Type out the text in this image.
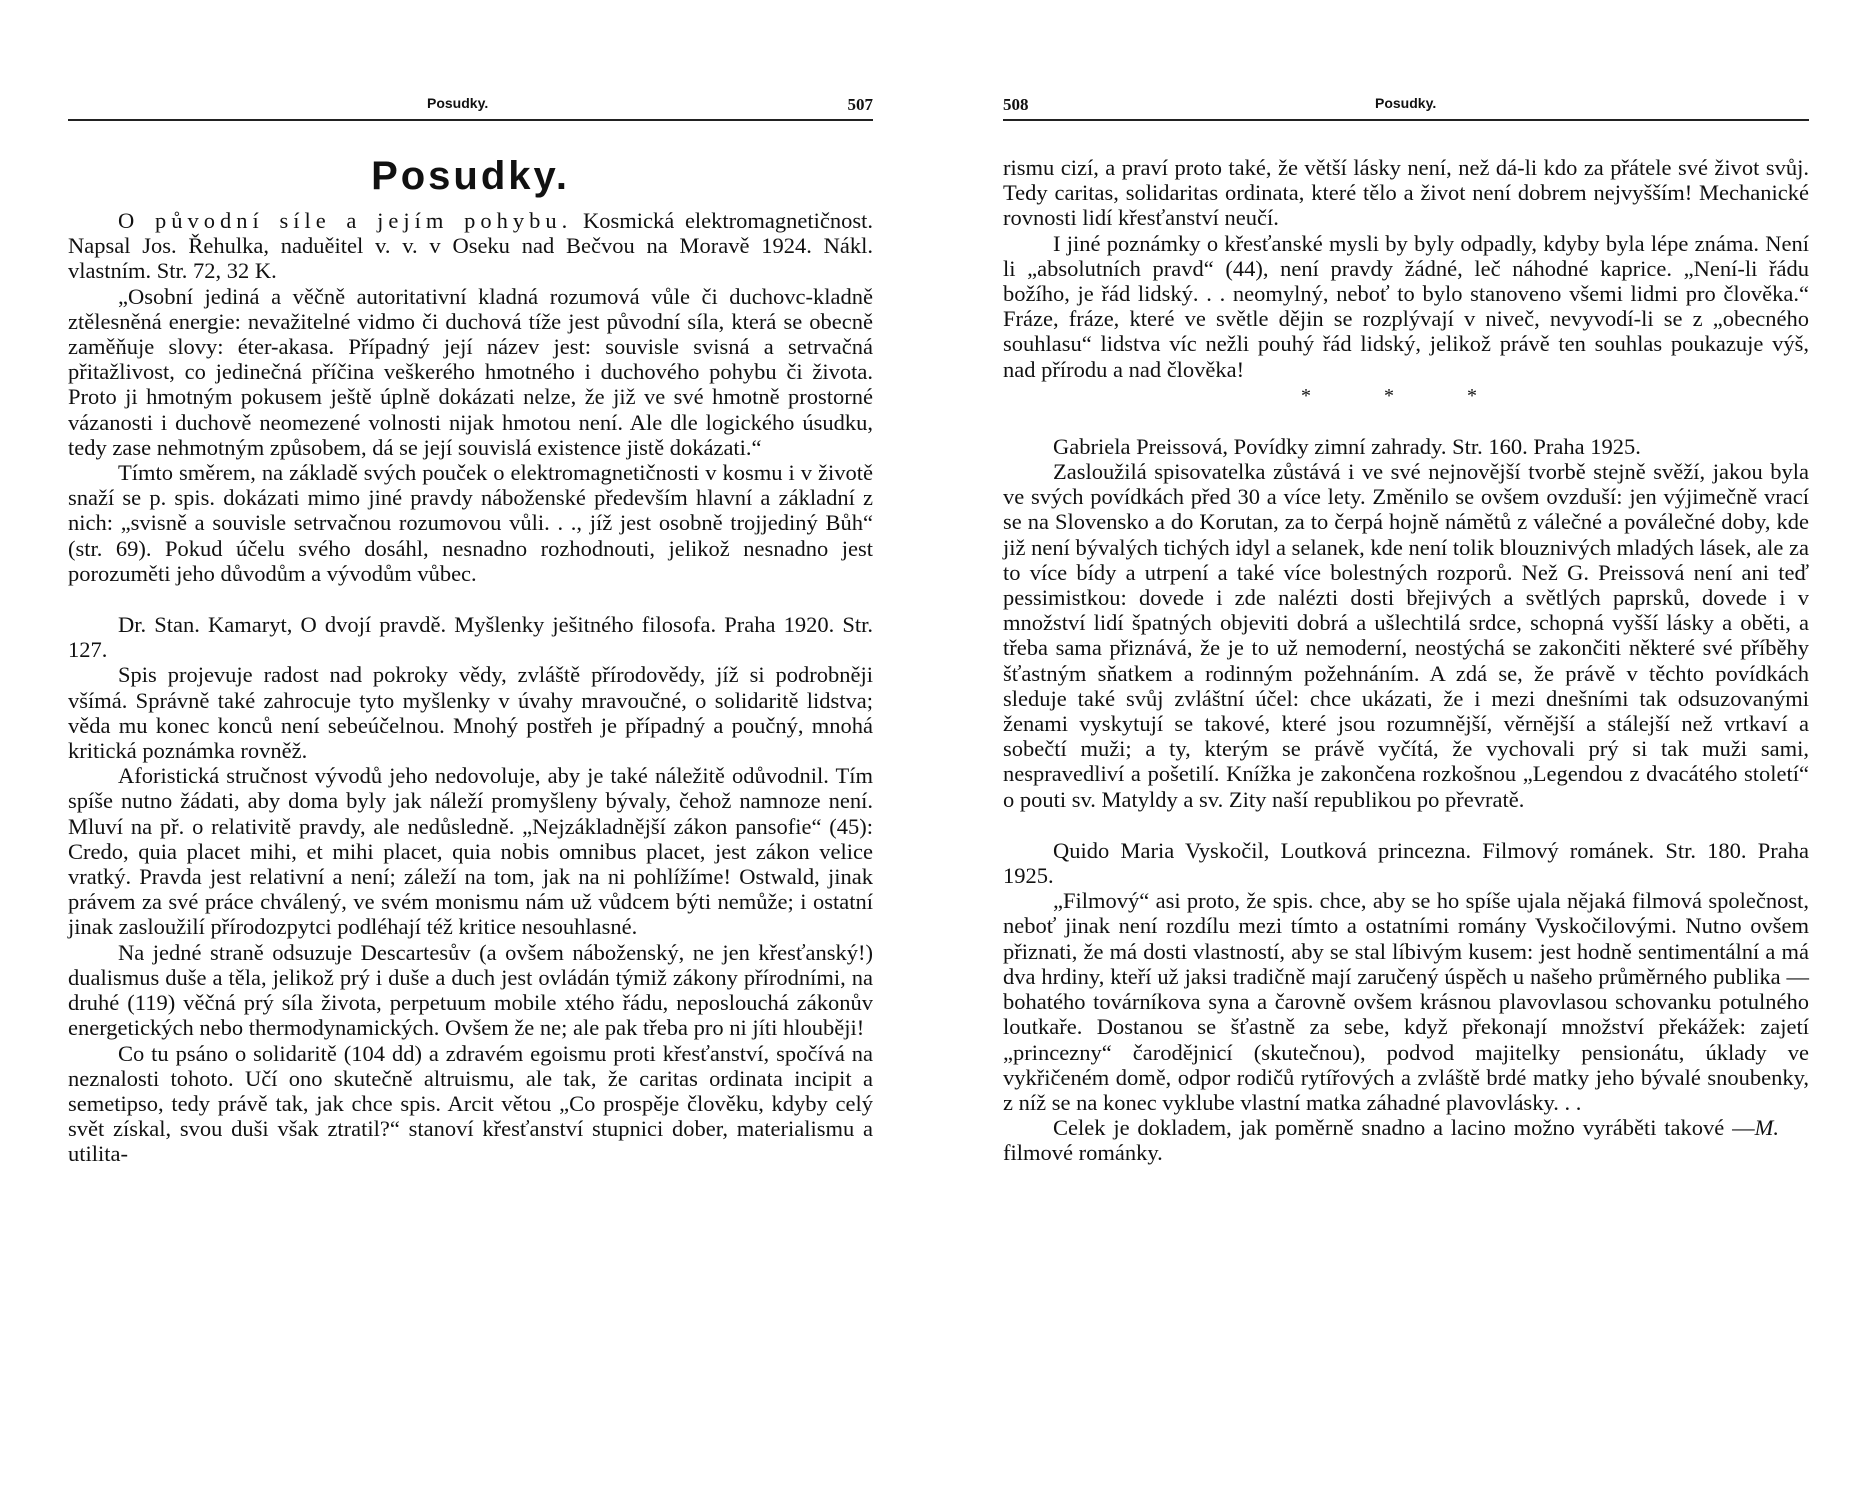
Posudky.	507
Posudky.

O původní síle a jejím pohybu. Kosmická elektromagnetičnost. Napsal Jos. Řehulka, naduěitel v. v. v Oseku nad Bečvou na Moravě 1924. Nákl. vlastním. Str. 72, 32 K.

„Osobní jediná a věčně autoritativní kladná rozumová vůle či duchovc-kladně ztělesněná energie: nevažitelné vidmo či duchová tíže jest původní síla, která se obecně zaměňuje slovy: éter-akasa. Případný její název jest: souvisle svisná a setrvačná přitažlivost, co jedinečná příčina veškerého hmotného i duchového pohybu či života. Proto ji hmotným pokusem ještě úplně dokázati nelze, že již ve své hmotně prostorné vázanosti i duchově neomezené volnosti nijak hmotou není. Ale dle logického úsudku, tedy zase nehmotným způsobem, dá se její souvislá existence jistě dokázati.“

Tímto směrem, na základě svých pouček o elektromagnetičnosti v kosmu i v životě snaží se p. spis. dokázati mimo jiné pravdy náboženské především hlavní a základní z nich: „svisně a souvisle setrvačnou rozumovou vůli. . ., jíž jest osobně trojjediný Bůh“ (str. 69). Pokud účelu svého dosáhl, nesnadno rozhodnouti, jelikož nesnadno jest porozuměti jeho důvodům a vývodům vůbec.

Dr. Stan. Kamaryt, O dvojí pravdě. Myšlenky ješitného filosofa. Praha 1920. Str. 127.

Spis projevuje radost nad pokroky vědy, zvláště přírodovědy, jíž si podrobněji všímá. Správně také zahrocuje tyto myšlenky v úvahy mravoučné, o solidaritě lidstva; věda mu konec konců není sebeúčelnou. Mnohý postřeh je případný a poučný, mnohá kritická poznámka rovněž.

Aforistická stručnost vývodů jeho nedovoluje, aby je také náležitě odůvodnil. Tím spíše nutno žádati, aby doma byly jak náleží promyšleny bývaly, čehož namnoze není. Mluví na př. o relativitě pravdy, ale nedůsledně. „Nejzákladnější zákon pansofie“ (45): Credo, quia placet mihi, et mihi placet, quia nobis omnibus placet, jest zákon velice vratký. Pravda jest relativní a není; záleží na tom, jak na ni pohlížíme! Ostwald, jinak právem za své práce chválený, ve svém monismu nám už vůdcem býti nemůže; i ostatní jinak zasloužilí přírodozpytci podléhají též kritice nesouhlasné.

Na jedné straně odsuzuje Descartesův (a ovšem náboženský, ne jen křesťanský!) dualismus duše a těla, jelikož prý i duše a duch jest ovládán týmiž zákony přírodními, na druhé (119) věčná prý síla života, perpetuum mobile xtého řádu, neposlouchá zákonův energetických nebo thermodynamických. Ovšem že ne; ale pak třeba pro ni jíti hlouběji!

Co tu psáno o solidaritě (104 dd) a zdravém egoismu proti křesťanství, spočívá na neznalosti tohoto. Učí ono skutečně altruismu, ale tak, že caritas ordinata incipit a semetipso, tedy právě tak, jak chce spis. Arcit větou „Co prospěje člověku, kdyby celý svět získal, svou duši však ztratil?“ stanoví křesťanství stupnici dober, materialismu a utilita-

508	Posudky.

rismu cizí, a praví proto také, že větší lásky není, než dá-li kdo za přátele své život svůj. Tedy caritas, solidaritas ordinata, které tělo a život není dobrem nejvyšším! Mechanické rovnosti lidí křesťanství neučí.

I jiné poznámky o křesťanské mysli by byly odpadly, kdyby byla lépe známa. Není li „absolutních pravd“ (44), není pravdy žádné, leč náhodné kaprice. „Není-li řádu božího, je řád lidský. . . neomylný, neboť to bylo stanoveno všemi lidmi pro člověka.“ Fráze, fráze, které ve světle dějin se rozplývají v niveč, nevyvodí-li se z „obecného souhlasu“ lidstva víc nežli pouhý řád lidský, jelikož právě ten souhlas poukazuje výš, nad přírodu a nad člověka!

* * *

Gabriela Preissová, Povídky zimní zahrady. Str. 160. Praha 1925.

Zasloužilá spisovatelka zůstává i ve své nejnovější tvorbě stejně svěží, jakou byla ve svých povídkách před 30 a více lety. Změnilo se ovšem ovzduší: jen výjimečně vrací se na Slovensko a do Korutan, za to čerpá hojně námětů z válečné a poválečné doby, kde již není bývalých tichých idyl a selanek, kde není tolik blouznivých mladých lásek, ale za to více bídy a utrpení a také více bolestných rozporů. Než G. Preissová není ani teď pessimistkou: dovede i zde nalézti dosti břejivých a světlých paprsků, dovede i v množství lidí špatných objeviti dobrá a ušlechtilá srdce, schopná vyšší lásky a oběti, a třeba sama přiznává, že je to už nemoderní, neostýchá se zakončiti některé své příběhy šťastným sňatkem a rodinným požehnáním. A zdá se, že právě v těchto povídkách sleduje také svůj zvláštní účel: chce ukázati, že i mezi dnešními tak odsuzovanými ženami vyskytují se takové, které jsou rozumnější, věrnější a stálejší než vrtkaví a sobečtí muži; a ty, kterým se právě vyčítá, že vychovali prý si tak muži sami, nespravedliví a pošetilí. Knížka je zakončena rozkošnou „Legendou z dvacátého století“ o pouti sv. Matyldy a sv. Zity naší republikou po převratě.

Quido Maria Vyskočil, Loutková princezna. Filmový románek. Str. 180. Praha 1925.

„Filmový“ asi proto, že spis. chce, aby se ho spíše ujala nějaká filmová společnost, neboť jinak není rozdílu mezi tímto a ostatními romány Vyskočilovými. Nutno ovšem přiznati, že má dosti vlastností, aby se stal líbivým kusem: jest hodně sentimentální a má dva hrdiny, kteří už jaksi tradičně mají zaručený úspěch u našeho průměrného publika — bohatého továrníkova syna a čarovně ovšem krásnou plavovlasou schovanku potulného loutkaře. Dostanou se šťastně za sebe, když překonají množství překážek: zajetí „princezny“ čarodějnicí (skutečnou), podvod majitelky pensionátu, úklady ve vykřičeném domě, odpor rodičů rytířových a zvláště brdé matky jeho bývalé snoubenky, z níž se na konec vyklube vlastní matka záhadné plavovlásky. . .

Celek je dokladem, jak poměrně snadno a lacino možno vyráběti takové — filmové románky.

M.
